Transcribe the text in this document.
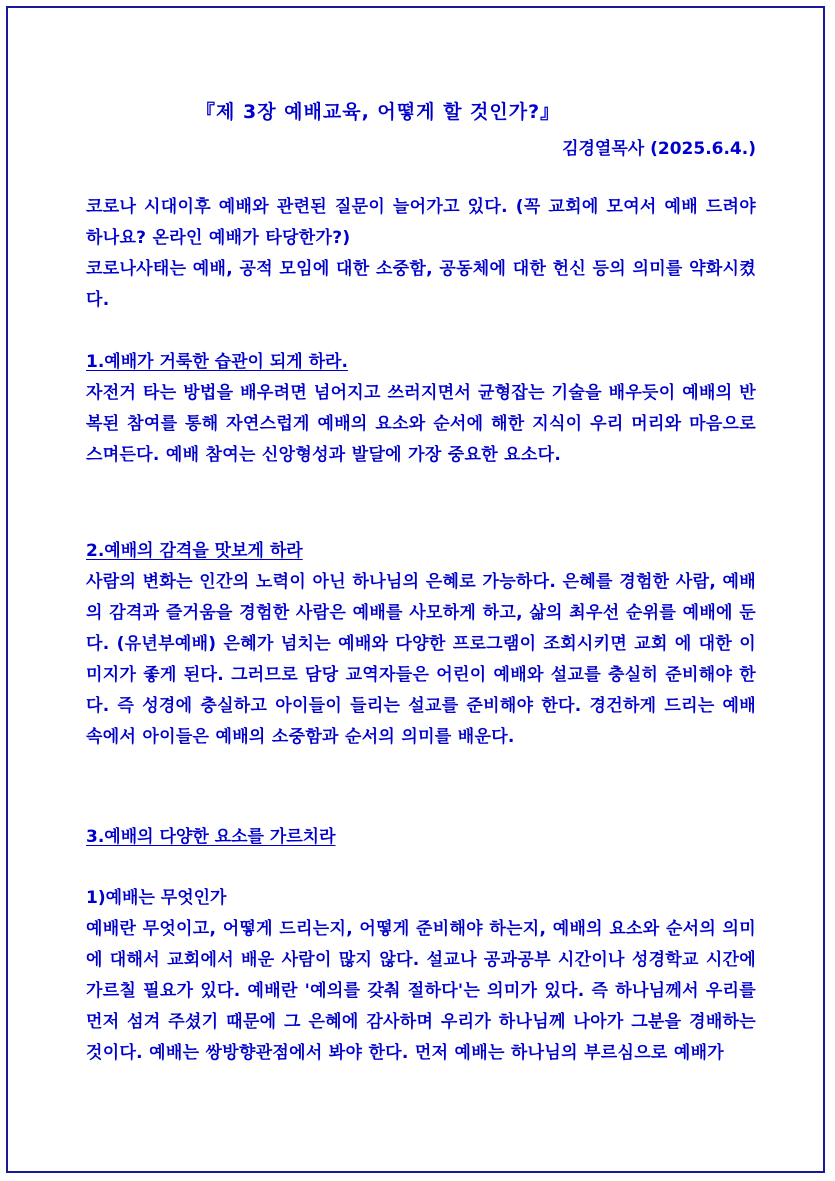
『제 3장 예배교육, 어떻게 할 것인가?』
김경열목사 (2025.6.4.)

코로나 시대이후 예배와 관련된 질문이 늘어가고 있다. (꼭 교회에 모여서 예배 드려야 하나요? 온라인 예배가 타당한가?)

코로나사태는 예배, 공적 모임에 대한 소중함, 공동체에 대한 헌신 등의 의미를 약화시켰다.

1.예배가 거룩한 습관이 되게 하라.

자전거 타는 방법을 배우려면 넘어지고 쓰러지면서 균형잡는 기술을 배우듯이 예배의 반복된 참여를 통해 자연스럽게 예배의 요소와 순서에 해한 지식이 우리 머리와 마음으로 스며든다. 예배 참여는 신앙형성과 발달에 가장 중요한 요소다.

2.예배의 감격을 맛보게 하라

사람의 변화는 인간의 노력이 아닌 하나님의 은혜로 가능하다. 은혜를 경험한 사람, 예배의 감격과 즐거움을 경험한 사람은 예배를 사모하게 하고, 삶의 최우선 순위를 예배에 둔다. (유년부예배) 은혜가 넘치는 예배와 다양한 프로그램이 조회시키면 교회 에 대한 이미지가 좋게 된다. 그러므로 담당 교역자들은 어린이 예배와 설교를 충실히 준비해야 한다. 즉 성경에 충실하고 아이들이 들리는 설교를 준비해야 한다. 경건하게 드리는 예배 속에서 아이들은 예배의 소중함과 순서의 의미를 배운다.

3.예배의 다양한 요소를 가르치라
1)예배는 무엇인가

예배란 무엇이고, 어떻게 드리는지, 어떻게 준비해야 하는지, 예배의 요소와 순서의 의미에 대해서 교회에서 배운 사람이 많지 않다. 설교나 공과공부 시간이나 성경학교 시간에 가르칠 필요가 있다. 예배란 '예의를 갖춰 절하다'는 의미가 있다. 즉 하나님께서 우리를 먼저 섬겨 주셨기 때문에 그 은혜에 감사하며 우리가 하나님께 나아가 그분을 경배하는 것이다. 예배는 쌍방향관점에서 봐야 한다. 먼저 예배는 하나님의 부르심으로 예배가
